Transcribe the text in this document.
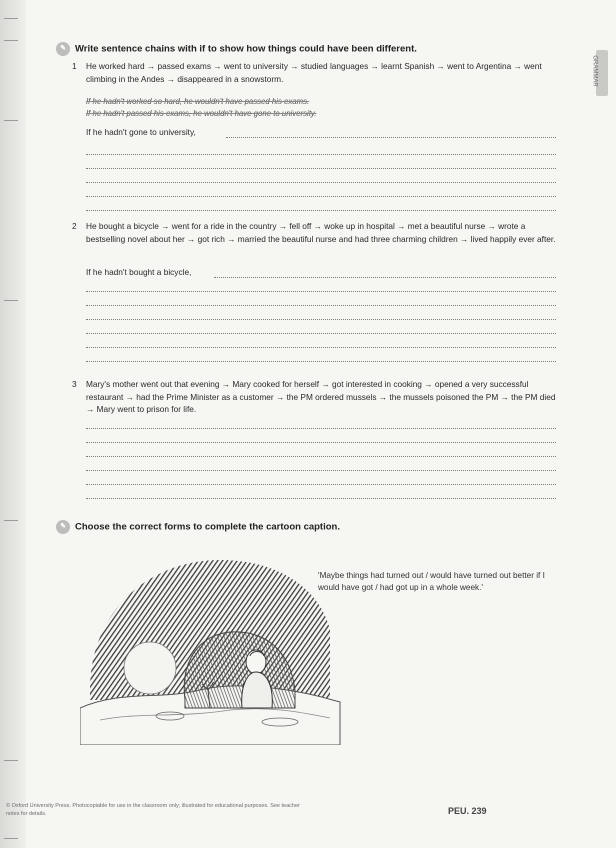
GRAMMAR
✎ Write sentence chains with if to show how things could have been different.
1 He worked hard → passed exams → went to university → studied languages → learnt Spanish → went to Argentina → went climbing in the Andes → disappeared in a snowstorm.
If he hadn't worked so hard, he wouldn't have passed his exams.
If he hadn't passed his exams, he wouldn't have gone to university.
If he hadn't gone to university,
2 He bought a bicycle → went for a ride in the country → fell off → woke up in hospital → met a beautiful nurse → wrote a bestselling novel about her → got rich → married the beautiful nurse and had three charming children → lived happily ever after.
If he hadn't bought a bicycle,
3 Mary's mother went out that evening → Mary cooked for herself → got interested in cooking → opened a very successful restaurant → had the Prime Minister as a customer → the PM ordered mussels → the mussels poisoned the PM → the PM died → Mary went to prison for life.
✎ Choose the correct forms to complete the cartoon caption.
'Maybe things had turned out / would have turned out better if I would have got / had got up in a whole week.'
© Oxford University Press. Photocopiable for use in the classroom only; illustrated for educational purposes. See teacher notes for details.	PEU. 239
